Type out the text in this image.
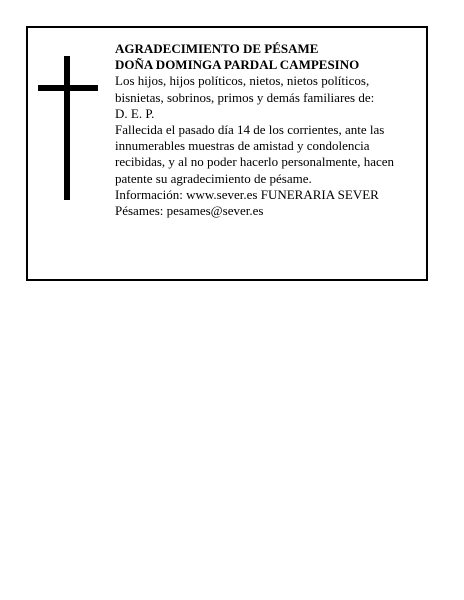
AGRADECIMIENTO DE PÉSAME
DOÑA DOMINGA PARDAL CAMPESINO
Los hijos, hijos políticos, nietos, nietos políticos, bisnietas, sobrinos, primos y demás familiares de:
D. E. P.
Fallecida el pasado día 14 de los corrientes, ante las innumerables muestras de amistad y condolencia recibidas, y al no poder hacerlo personalmente, hacen patente su agradecimiento de pésame.
Información: www.sever.es FUNERARIA SEVER
Pésames: pesames@sever.es
